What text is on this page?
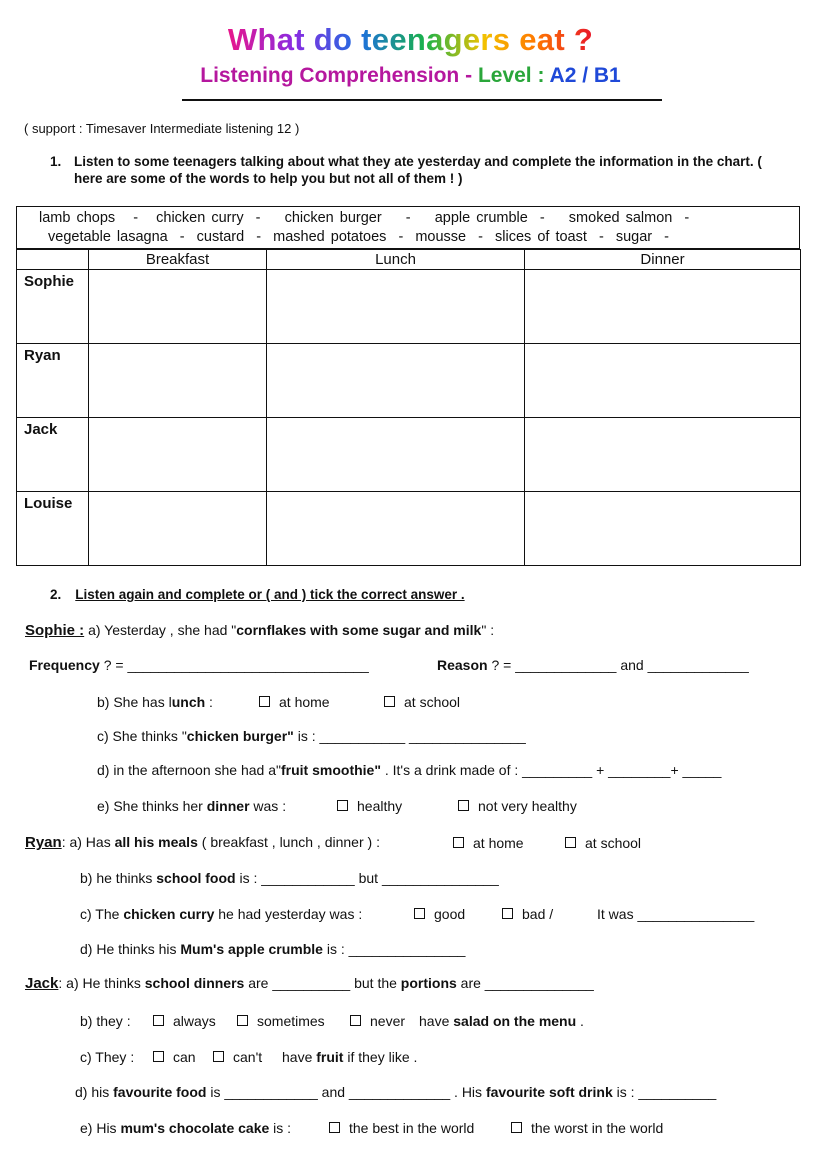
What do teenagers eat ?
Listening Comprehension - Level : A2 / B1
( support : Timesaver Intermediate listening 12 )
1. Listen to some teenagers talking about what they ate yesterday and complete the information in the chart. ( here are some of the words to help you but not all of them ! )
lamb chops   -   chicken curry  -    chicken burger    -    apple crumble  -    smoked salmon  -
vegetable lasagna  -  custard  -  mashed potatoes  -  mousse  -  slices of toast  -  sugar  -
	Breakfast	Lunch	Dinner
Sophie			
Ryan			
Jack			
Louise			
2. Listen again and complete or ( and ) tick the correct answer .
Sophie : a) Yesterday , she had "cornflakes with some sugar and milk" :
Frequency ? = _______________________________	Reason ? = _____________ and _____________
b) She has lunch :	at home	at school
c) She thinks "chicken burger" is : ___________ _______________
d) in the afternoon she had a"fruit smoothie" . It's a drink made of : _________ + ________+ _____
e) She thinks her dinner was :	healthy	not very healthy
Ryan: a) Has all his meals ( breakfast , lunch , dinner ) :	at home	at school
b) he thinks school food is : ____________ but _______________
c) The chicken curry he had yesterday was :	good	bad /	It was _______________
d) He thinks his Mum's apple crumble is : _______________
Jack: a) He thinks school dinners are __________ but the portions are ______________
b) they :	always	sometimes	never have salad on the menu .
c) They :	can	can't have fruit if they like .
d) his favourite food is ____________ and _____________ . His favourite soft drink is : __________
e) His mum's chocolate cake is :	the best in the world	the worst in the world
